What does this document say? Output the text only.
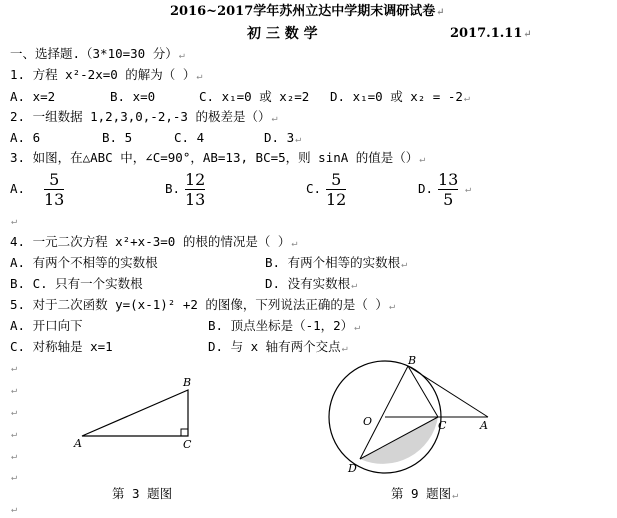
2016~2017学年苏州立达中学期末调研试卷↵
初 三 数 学	2017.1.11↵
一、选择题.（3*10=30 分）↵
1. 方程 x²-2x=0 的解为（ ）↵
A. x=2	B. x=0	C. x₁=0 或 x₂=2 D. x₁=0 或 x₂ = -2↵
2. 一组数据 1,2,3,0,-2,-3 的极差是（）↵
A. 6	B. 5	C. 4	D. 3↵
3. 如图，在△ABC 中，∠C=90°，AB=13, BC=5，则 sinA 的值是（）↵
A. 5
13
B. 12
13
C. 5
12
D. 13
5
↵
↵
4. 一元二次方程 x²+x-3=0 的根的情况是（ ）↵
A. 有两个不相等的实数根	B. 有两个相等的实数根↵
B. C. 只有一个实数根	D. 没有实数根↵
5. 对于二次函数 y=(x-1)² +2 的图像，下列说法正确的是（ ）↵
A. 开口向下	B. 顶点坐标是（-1，2）↵
C. 对称轴是 x=1	D. 与 x 轴有两个交点↵
↵
↵
↵
↵
↵
↵
↵
A
B
C
第 3 题图
B
O	C	A
D
第 9 题图↵
